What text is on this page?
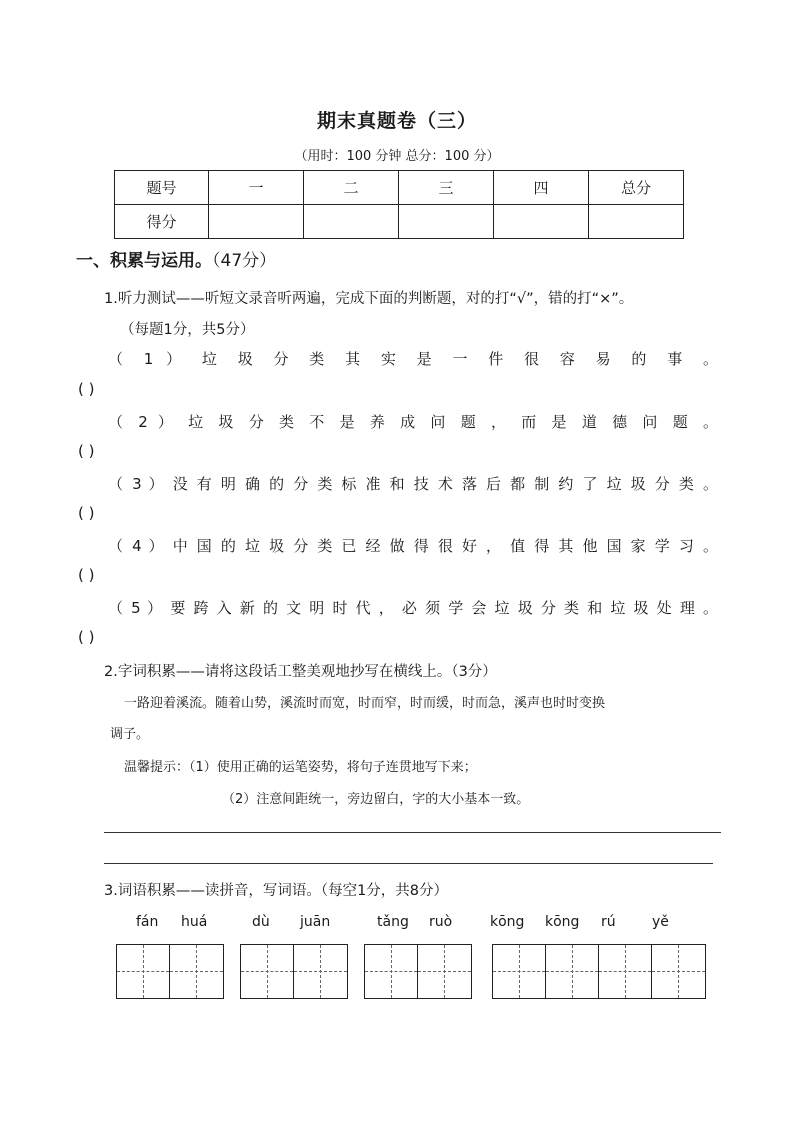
期末真题卷（三）
（用时：100 分钟 总分：100 分）
题号	一	二	三	四	总分
得分					
一、积累与运用。（47分）
1.听力测试——听短文录音听两遍，完成下面的判断题，对的打“√”，错的打“×”。
（每题1分，共5分）
（ 1 ） 垃 圾 分 类 其 实 是 一 件 很 容 易 的 事 。
( )
（ 2 ） 垃 圾 分 类 不 是 养 成 问 题 ， 而 是 道 德 问 题 。
( )
（ 3 ） 没 有 明 确 的 分 类 标 准 和 技 术 落 后 都 制 约 了 垃 圾 分 类 。
( )
（ 4 ） 中 国 的 垃 圾 分 类 已 经 做 得 很 好 ， 值 得 其 他 国 家 学 习 。
( )
（ 5 ） 要 跨 入 新 的 文 明 时 代 ， 必 须 学 会 垃 圾 分 类 和 垃 圾 处 理 。
( )
2.字词积累——请将这段话工整美观地抄写在横线上。（3分）
一路迎着溪流。随着山势，溪流时而宽，时而窄，时而缓，时而急，溪声也时时变换
调子。
温馨提示：（1）使用正确的运笔姿势，将句子连贯地写下来；
（2）注意间距统一，旁边留白，字的大小基本一致。
3.词语积累——读拼音，写词语。（每空1分，共8分）
fán huá	dù juān	tǎng ruò	kōng kōng rú	yě
